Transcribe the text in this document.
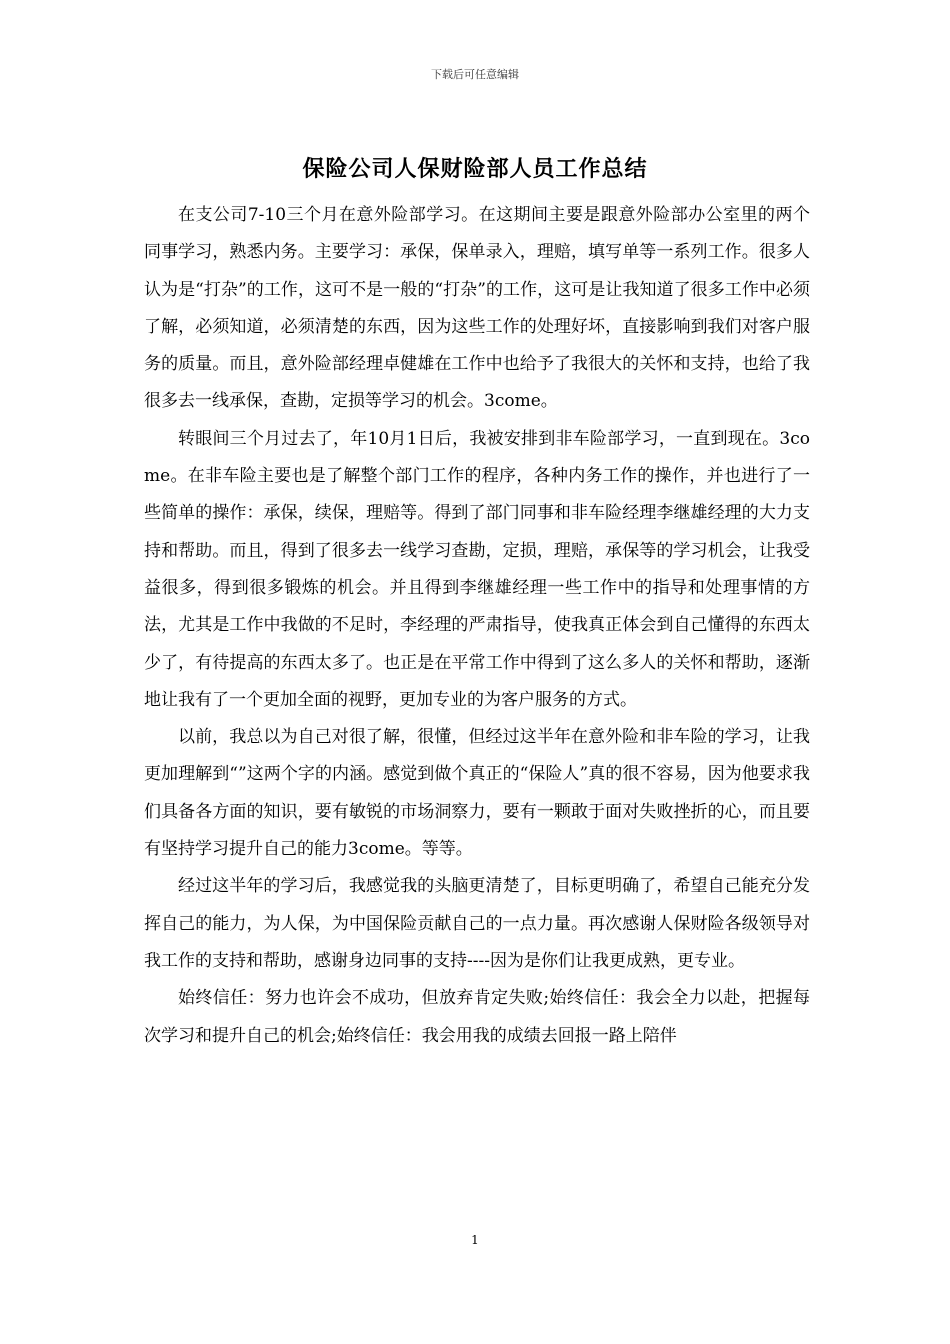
下载后可任意编辑
保险公司人保财险部人员工作总结

在支公司7-10三个月在意外险部学习。在这期间主要是跟意外险部办公室里的两个同事学习，熟悉内务。主要学习：承保，保单录入，理赔，填写单等一系列工作。很多人认为是“打杂”的工作，这可不是一般的“打杂”的工作，这可是让我知道了很多工作中必须了解，必须知道，必须清楚的东西，因为这些工作的处理好坏，直接影响到我们对客户服务的质量。而且，意外险部经理卓健雄在工作中也给予了我很大的关怀和支持，也给了我很多去一线承保，查勘，定损等学习的机会。3come。

转眼间三个月过去了，年10月1日后，我被安排到非车险部学习，一直到现在。3come。在非车险主要也是了解整个部门工作的程序，各种内务工作的操作，并也进行了一些简单的操作：承保，续保，理赔等。得到了部门同事和非车险经理李继雄经理的大力支持和帮助。而且，得到了很多去一线学习查勘，定损，理赔，承保等的学习机会，让我受益很多，得到很多锻炼的机会。并且得到李继雄经理一些工作中的指导和处理事情的方法，尤其是工作中我做的不足时，李经理的严肃指导，使我真正体会到自己懂得的东西太少了，有待提高的东西太多了。也正是在平常工作中得到了这么多人的关怀和帮助，逐渐地让我有了一个更加全面的视野，更加专业的为客户服务的方式。

以前，我总以为自己对很了解，很懂，但经过这半年在意外险和非车险的学习，让我更加理解到“”这两个字的内涵。感觉到做个真正的“保险人”真的很不容易，因为他要求我们具备各方面的知识，要有敏锐的市场洞察力，要有一颗敢于面对失败挫折的心，而且要有坚持学习提升自己的能力3come。等等。

经过这半年的学习后，我感觉我的头脑更清楚了，目标更明确了，希望自己能充分发挥自己的能力，为人保，为中国保险贡献自己的一点力量。再次感谢人保财险各级领导对我工作的支持和帮助，感谢身边同事的支持----因为是你们让我更成熟，更专业。

始终信任：努力也许会不成功，但放弃肯定失败;始终信任：我会全力以赴，把握每次学习和提升自己的机会;始终信任：我会用我的成绩去回报一路上陪伴

1
